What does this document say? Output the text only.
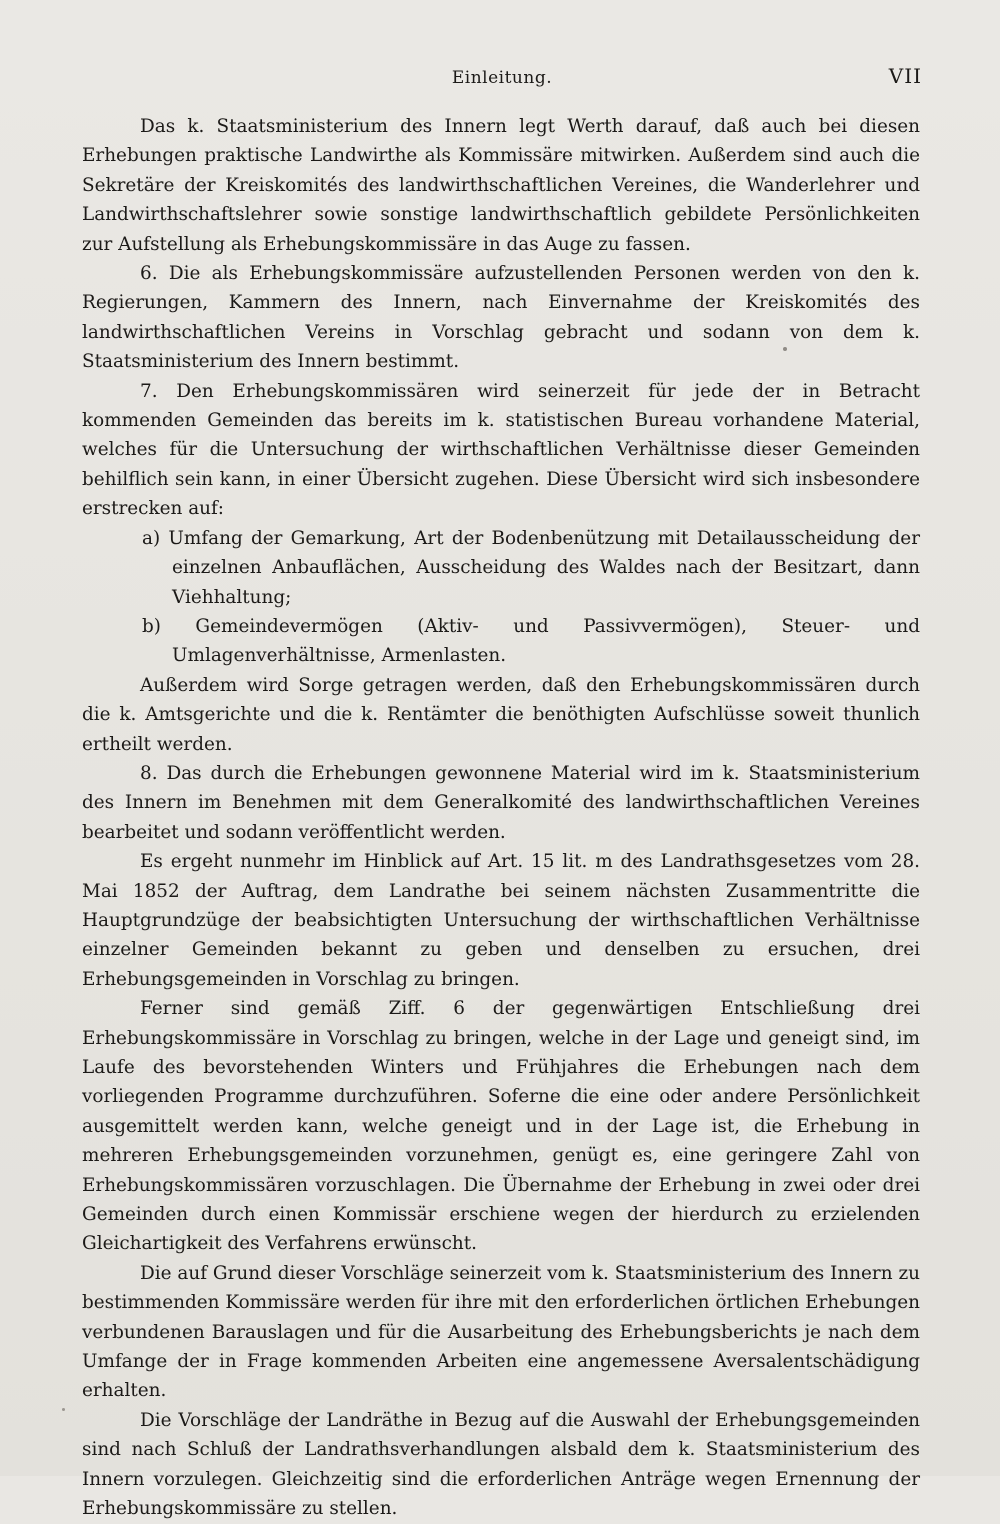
Einleitung.	VII

Das k. Staatsministerium des Innern legt Werth darauf, daß auch bei diesen Erhebungen praktische Landwirthe als Kommissäre mitwirken. Außerdem sind auch die Sekretäre der Kreiskomités des landwirthschaftlichen Vereines, die Wanderlehrer und Landwirthschaftslehrer sowie sonstige landwirthschaftlich gebildete Persönlichkeiten zur Aufstellung als Erhebungskommissäre in das Auge zu fassen.

6. Die als Erhebungskommissäre aufzustellenden Personen werden von den k. Regierungen, Kammern des Innern, nach Einvernahme der Kreiskomités des landwirthschaftlichen Vereins in Vorschlag gebracht und sodann von dem k. Staatsministerium des Innern bestimmt.

7. Den Erhebungskommissären wird seinerzeit für jede der in Betracht kommenden Gemeinden das bereits im k. statistischen Bureau vorhandene Material, welches für die Untersuchung der wirthschaftlichen Verhältnisse dieser Gemeinden behilflich sein kann, in einer Übersicht zugehen. Diese Übersicht wird sich insbesondere erstrecken auf:

a) Umfang der Gemarkung, Art der Bodenbenützung mit Detailausscheidung der einzelnen Anbauflächen, Ausscheidung des Waldes nach der Besitzart, dann Viehhaltung;

b) Gemeindevermögen (Aktiv- und Passivvermögen), Steuer- und Umlagenverhältnisse, Armenlasten.

Außerdem wird Sorge getragen werden, daß den Erhebungskommissären durch die k. Amtsgerichte und die k. Rentämter die benöthigten Aufschlüsse soweit thunlich ertheilt werden.

8. Das durch die Erhebungen gewonnene Material wird im k. Staatsministerium des Innern im Benehmen mit dem Generalkomité des landwirthschaftlichen Vereines bearbeitet und sodann veröffentlicht werden.

Es ergeht nunmehr im Hinblick auf Art. 15 lit. m des Landrathsgesetzes vom 28. Mai 1852 der Auftrag, dem Landrathe bei seinem nächsten Zusammentritte die Hauptgrundzüge der beabsichtigten Untersuchung der wirthschaftlichen Verhältnisse einzelner Gemeinden bekannt zu geben und denselben zu ersuchen, drei Erhebungsgemeinden in Vorschlag zu bringen.

Ferner sind gemäß Ziff. 6 der gegenwärtigen Entschließung drei Erhebungskommissäre in Vorschlag zu bringen, welche in der Lage und geneigt sind, im Laufe des bevorstehenden Winters und Frühjahres die Erhebungen nach dem vorliegenden Programme durchzuführen. Soferne die eine oder andere Persönlichkeit ausgemittelt werden kann, welche geneigt und in der Lage ist, die Erhebung in mehreren Erhebungsgemeinden vorzunehmen, genügt es, eine geringere Zahl von Erhebungskommissären vorzuschlagen. Die Übernahme der Erhebung in zwei oder drei Gemeinden durch einen Kommissär erschiene wegen der hierdurch zu erzielenden Gleichartigkeit des Verfahrens erwünscht.

Die auf Grund dieser Vorschläge seinerzeit vom k. Staatsministerium des Innern zu bestimmenden Kommissäre werden für ihre mit den erforderlichen örtlichen Erhebungen verbundenen Barauslagen und für die Ausarbeitung des Erhebungsberichts je nach dem Umfange der in Frage kommenden Arbeiten eine angemessene Aversalentschädigung erhalten.

Die Vorschläge der Landräthe in Bezug auf die Auswahl der Erhebungsgemeinden sind nach Schluß der Landrathsverhandlungen alsbald dem k. Staatsministerium des Innern vorzulegen. Gleichzeitig sind die erforderlichen Anträge wegen Ernennung der Erhebungskommissäre zu stellen.
